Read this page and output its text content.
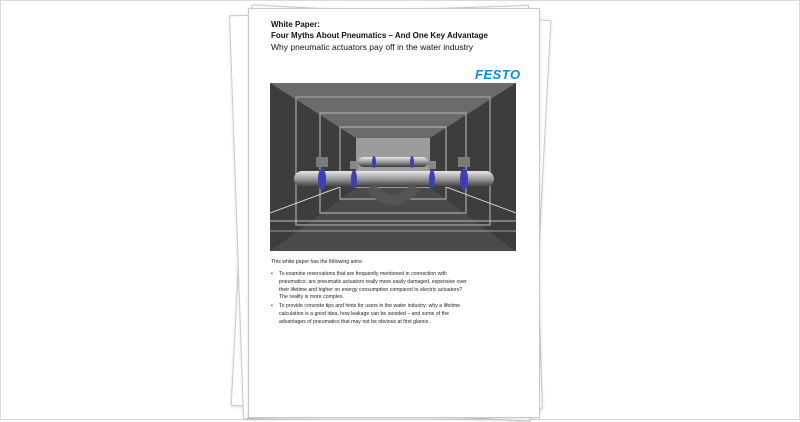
White Paper:
Four Myths About Pneumatics – And One Key Advantage
Why pneumatic actuators pay off in the water industry
FESTO
This white paper has the following aims:
• To examine reservations that are frequently mentioned in connection with pneumatics: are pneumatic actuators really more easily damaged, expensive over their lifetime and higher on energy consumption compared to electric actuators? The reality is more complex.
• To provide concrete tips and hints for users in the water industry: why a lifetime calculation is a good idea, how leakage can be avoided – and some of the advantages of pneumatics that may not be obvious at first glance.
